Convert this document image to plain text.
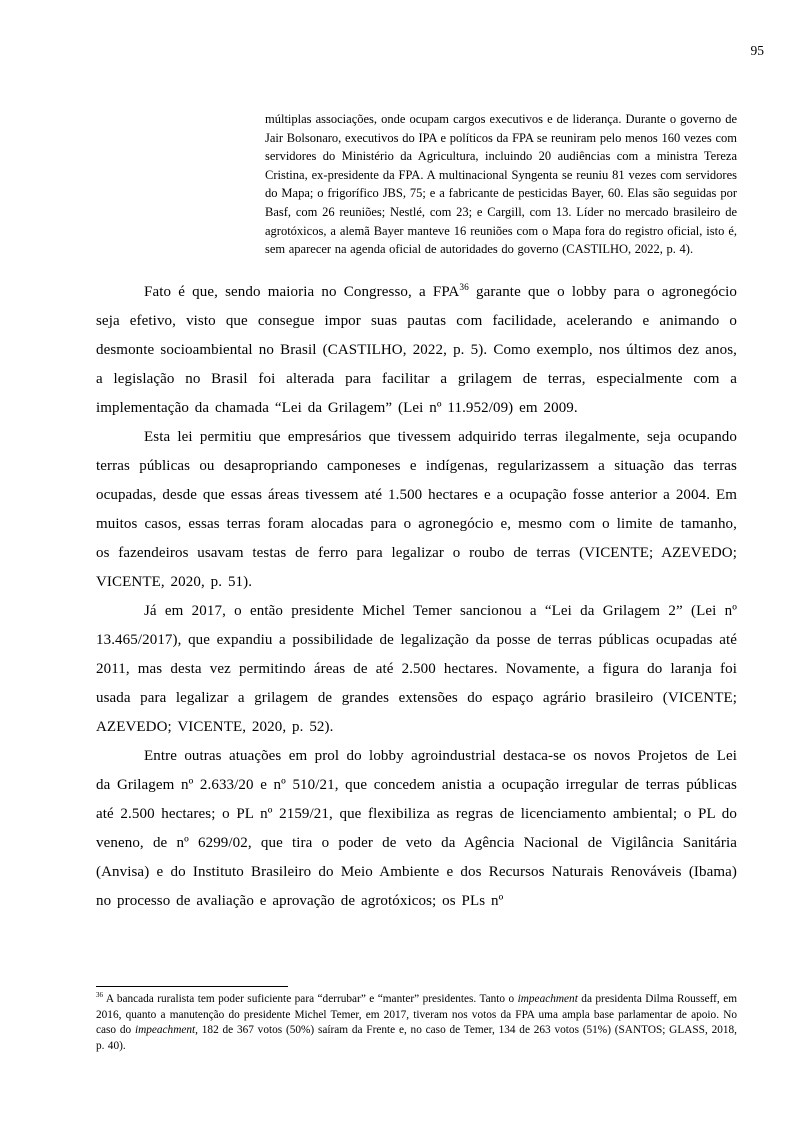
95
múltiplas associações, onde ocupam cargos executivos e de liderança. Durante o governo de Jair Bolsonaro, executivos do IPA e políticos da FPA se reuniram pelo menos 160 vezes com servidores do Ministério da Agricultura, incluindo 20 audiências com a ministra Tereza Cristina, ex-presidente da FPA. A multinacional Syngenta se reuniu 81 vezes com servidores do Mapa; o frigorífico JBS, 75; e a fabricante de pesticidas Bayer, 60. Elas são seguidas por Basf, com 26 reuniões; Nestlé, com 23; e Cargill, com 13. Líder no mercado brasileiro de agrotóxicos, a alemã Bayer manteve 16 reuniões com o Mapa fora do registro oficial, isto é, sem aparecer na agenda oficial de autoridades do governo (CASTILHO, 2022, p. 4).

Fato é que, sendo maioria no Congresso, a FPA$^{36}$ garante que o lobby para o agronegócio seja efetivo, visto que consegue impor suas pautas com facilidade, acelerando e animando o desmonte socioambiental no Brasil (CASTILHO, 2022, p. 5). Como exemplo, nos últimos dez anos, a legislação no Brasil foi alterada para facilitar a grilagem de terras, especialmente com a implementação da chamada “Lei da Grilagem” (Lei nº 11.952/09) em 2009.

Esta lei permitiu que empresários que tivessem adquirido terras ilegalmente, seja ocupando terras públicas ou desapropriando camponeses e indígenas, regularizassem a situação das terras ocupadas, desde que essas áreas tivessem até 1.500 hectares e a ocupação fosse anterior a 2004. Em muitos casos, essas terras foram alocadas para o agronegócio e, mesmo com o limite de tamanho, os fazendeiros usavam testas de ferro para legalizar o roubo de terras (VICENTE; AZEVEDO; VICENTE, 2020, p. 51).

Já em 2017, o então presidente Michel Temer sancionou a “Lei da Grilagem 2” (Lei nº 13.465/2017), que expandiu a possibilidade de legalização da posse de terras públicas ocupadas até 2011, mas desta vez permitindo áreas de até 2.500 hectares. Novamente, a figura do laranja foi usada para legalizar a grilagem de grandes extensões do espaço agrário brasileiro (VICENTE; AZEVEDO; VICENTE, 2020, p. 52).

Entre outras atuações em prol do lobby agroindustrial destaca-se os novos Projetos de Lei da Grilagem nº 2.633/20 e nº 510/21, que concedem anistia a ocupação irregular de terras públicas até 2.500 hectares; o PL nº 2159/21, que flexibiliza as regras de licenciamento ambiental; o PL do veneno, de nº 6299/02, que tira o poder de veto da Agência Nacional de Vigilância Sanitária (Anvisa) e do Instituto Brasileiro do Meio Ambiente e dos Recursos Naturais Renováveis (Ibama) no processo de avaliação e aprovação de agrotóxicos; os PLs nº

$^{36}$ A bancada ruralista tem poder suficiente para “derrubar” e “manter” presidentes. Tanto o impeachment da presidenta Dilma Rousseff, em 2016, quanto a manutenção do presidente Michel Temer, em 2017, tiveram nos votos da FPA uma ampla base parlamentar de apoio. No caso do impeachment, 182 de 367 votos (50%) saíram da Frente e, no caso de Temer, 134 de 263 votos (51%) (SANTOS; GLASS, 2018, p. 40).
